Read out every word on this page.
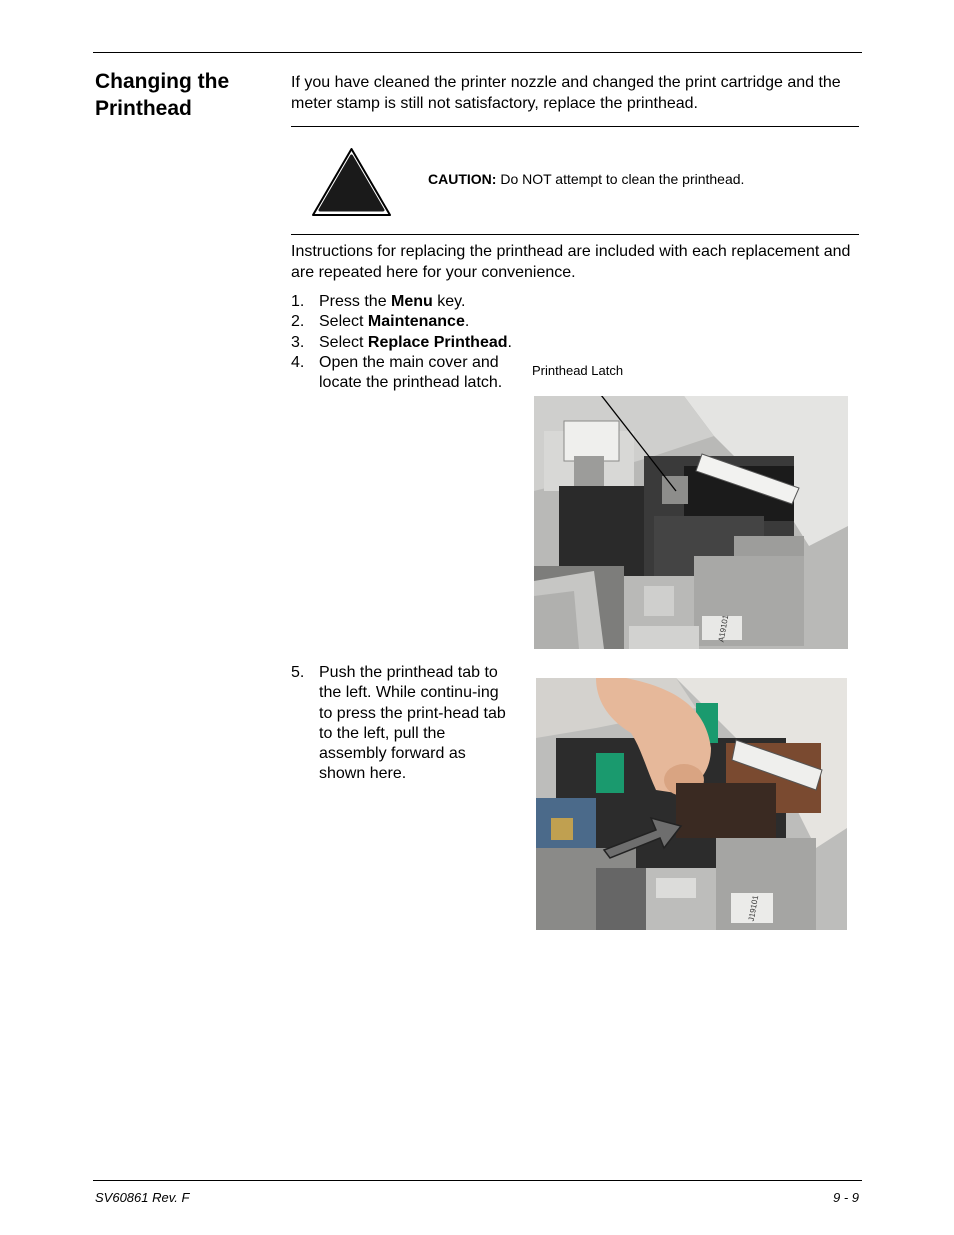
Changing the Printhead
If you have cleaned the printer nozzle and changed the print cartridge and the meter stamp is still not satisfactory, replace the printhead.
CAUTION: Do NOT attempt to clean the printhead.
Instructions for replacing the printhead are included with each replacement and are repeated here for your convenience.
1. Press the Menu key.
2. Select Maintenance.
3. Select Replace Printhead.
4. Open the main cover and locate the printhead latch.
Printhead Latch
A19101
5. Push the printhead tab to the left. While continu-ing to press the print-head tab to the left, pull the assembly forward as shown here.
J19101
SV60861 Rev. F	9 - 9
